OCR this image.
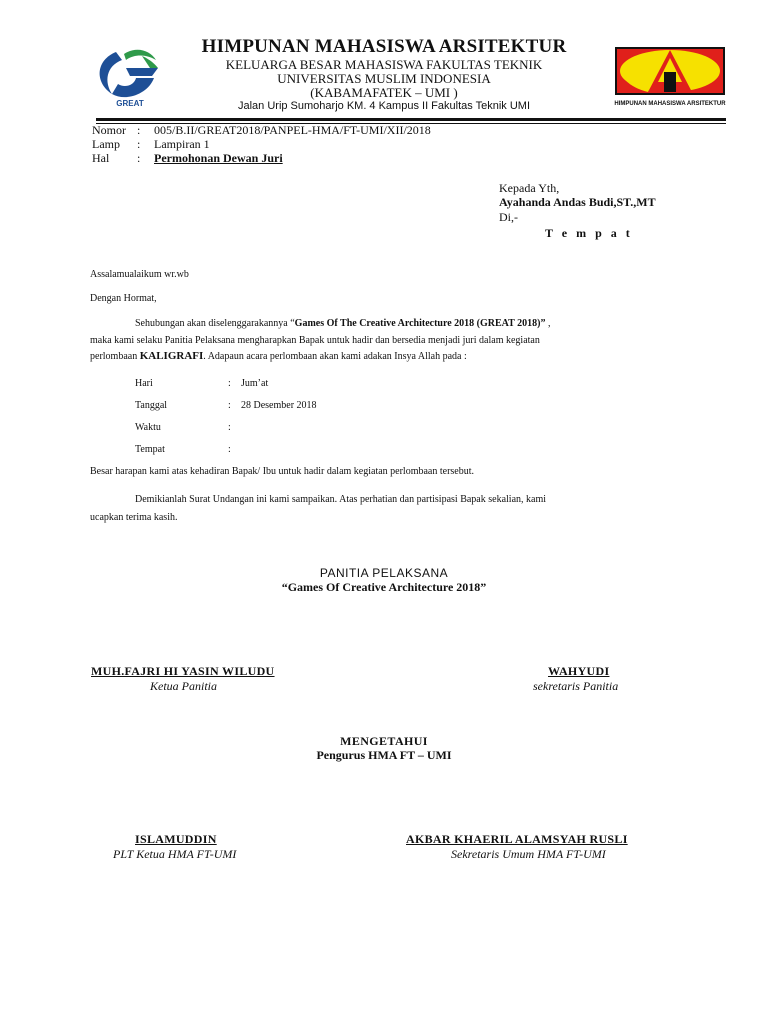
GREAT	HIMPUNAN MAHASISWA ARSITEKTUR
HIMPUNAN MAHASISWA ARSITEKTUR
KELUARGA BESAR MAHASISWA FAKULTAS TEKNIK
UNIVERSITAS MUSLIM INDONESIA
(KABAMAFATEK – UMI )
Jalan Urip Sumoharjo KM. 4 Kampus II Fakultas Teknik UMI
Nomor : 005/B.II/GREAT2018/PANPEL-HMA/FT-UMI/XII/2018
Lamp : Lampiran 1
Hal : Permohonan Dewan Juri
Kepada Yth,
Ayahanda Andas Budi,ST.,MT
Di,-
T e m p a t
Assalamualaikum wr.wb
Dengan Hormat,
Sehubungan akan diselenggarakannya “Games Of The Creative Architecture 2018 (GREAT 2018)” ,
maka kami selaku Panitia Pelaksana mengharapkan Bapak untuk hadir dan bersedia menjadi juri dalam kegiatan
perlombaan KALIGRAFI. Adapaun acara perlombaan akan kami adakan Insya Allah pada :
Hari	: Jum’at
Tanggal	: 28 Desember 2018
Waktu	:
Tempat	:
Besar harapan kami atas kehadiran Bapak/ Ibu untuk hadir dalam kegiatan perlombaan tersebut.
Demikianlah Surat Undangan ini kami sampaikan. Atas perhatian dan partisipasi Bapak sekalian, kami
ucapkan terima kasih.
PANITIA PELAKSANA
“Games Of Creative Architecture 2018”
MUH.FAJRI HI YASIN WILUDU
Ketua Panitia
WAHYUDI
sekretaris Panitia
MENGETAHUI
Pengurus HMA FT – UMI
ISLAMUDDIN
PLT Ketua HMA FT-UMI
AKBAR KHAERIL ALAMSYAH RUSLI
Sekretaris Umum HMA FT-UMI
